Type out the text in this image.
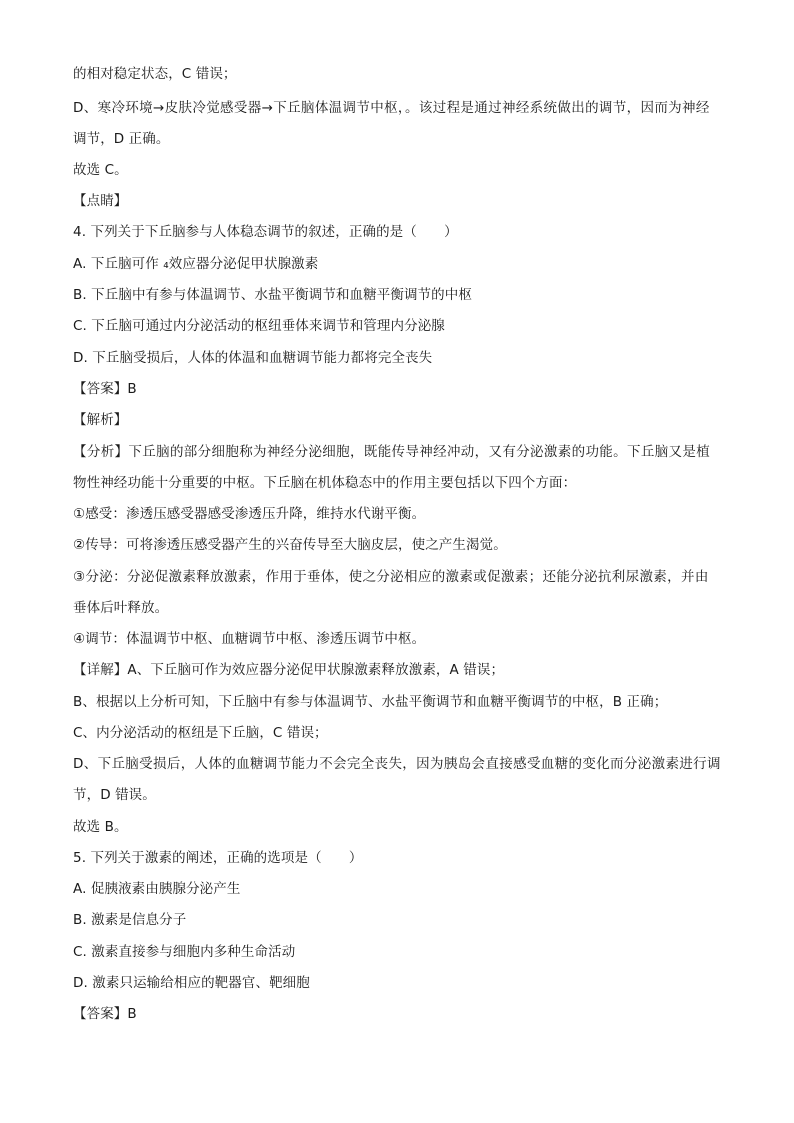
的相对稳定状态，C 错误；
D、寒冷环境→皮肤冷觉感受器→下丘脑体温调节中枢，。该过程是通过神经系统做出的调节，因而为神经
调节，D 正确。
故选 C。
【点睛】
4. 下列关于下丘脑参与人体稳态调节的叙述，正确的是（　　）
A. 下丘脑可作 ₄效应器分泌促甲状腺激素
B. 下丘脑中有参与体温调节、水盐平衡调节和血糖平衡调节的中枢
C. 下丘脑可通过内分泌活动的枢纽垂体来调节和管理内分泌腺
D. 下丘脑受损后，人体的体温和血糖调节能力都将完全丧失
【答案】B
【解析】
【分析】下丘脑的部分细胞称为神经分泌细胞，既能传导神经冲动，又有分泌激素的功能。下丘脑又是植
物性神经功能十分重要的中枢。下丘脑在机体稳态中的作用主要包括以下四个方面：
①感受：渗透压感受器感受渗透压升降，维持水代谢平衡。
②传导：可将渗透压感受器产生的兴奋传导至大脑皮层，使之产生渴觉。
③分泌：分泌促激素释放激素，作用于垂体，使之分泌相应的激素或促激素；还能分泌抗利尿激素，并由
垂体后叶释放。
④调节：体温调节中枢、血糖调节中枢、渗透压调节中枢。
【详解】A、下丘脑可作为效应器分泌促甲状腺激素释放激素，A 错误；
B、根据以上分析可知，下丘脑中有参与体温调节、水盐平衡调节和血糖平衡调节的中枢，B 正确；
C、内分泌活动的枢纽是下丘脑，C 错误；
D、下丘脑受损后，人体的血糖调节能力不会完全丧失，因为胰岛会直接感受血糖的变化而分泌激素进行调
节，D 错误。
故选 B。
5. 下列关于激素的阐述，正确的选项是（　　）
A. 促胰液素由胰腺分泌产生
B. 激素是信息分子
C. 激素直接参与细胞内多种生命活动
D. 激素只运输给相应的靶器官、靶细胞
【答案】B
